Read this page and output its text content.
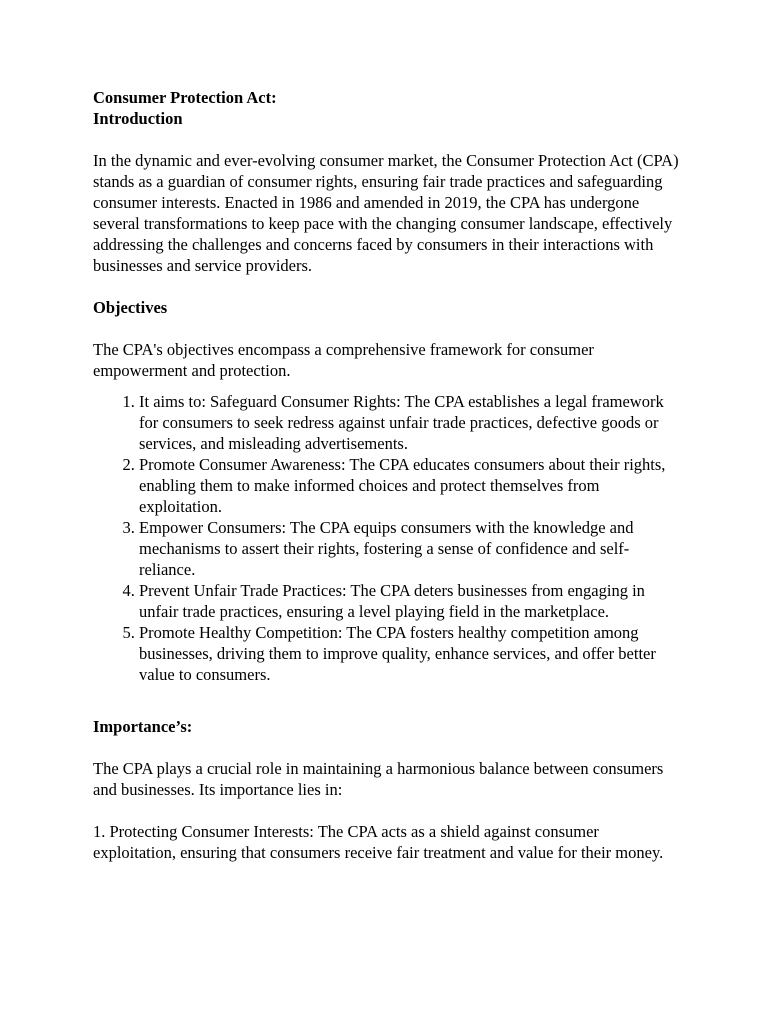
Consumer Protection Act:

Introduction

In the dynamic and ever-evolving consumer market, the Consumer Protection Act (CPA) stands as a guardian of consumer rights, ensuring fair trade practices and safeguarding consumer interests. Enacted in 1986 and amended in 2019, the CPA has undergone several transformations to keep pace with the changing consumer landscape, effectively addressing the challenges and concerns faced by consumers in their interactions with businesses and service providers.

Objectives

The CPA's objectives encompass a comprehensive framework for consumer empowerment and protection.

1. It aims to: Safeguard Consumer Rights: The CPA establishes a legal framework for consumers to seek redress against unfair trade practices, defective goods or services, and misleading advertisements.
2. Promote Consumer Awareness: The CPA educates consumers about their rights, enabling them to make informed choices and protect themselves from exploitation.
3. Empower Consumers: The CPA equips consumers with the knowledge and mechanisms to assert their rights, fostering a sense of confidence and self-reliance.
4. Prevent Unfair Trade Practices: The CPA deters businesses from engaging in unfair trade practices, ensuring a level playing field in the marketplace.
5. Promote Healthy Competition: The CPA fosters healthy competition among businesses, driving them to improve quality, enhance services, and offer better value to consumers.

Importance’s:

The CPA plays a crucial role in maintaining a harmonious balance between consumers and businesses. Its importance lies in:

1. Protecting Consumer Interests: The CPA acts as a shield against consumer exploitation, ensuring that consumers receive fair treatment and value for their money.
